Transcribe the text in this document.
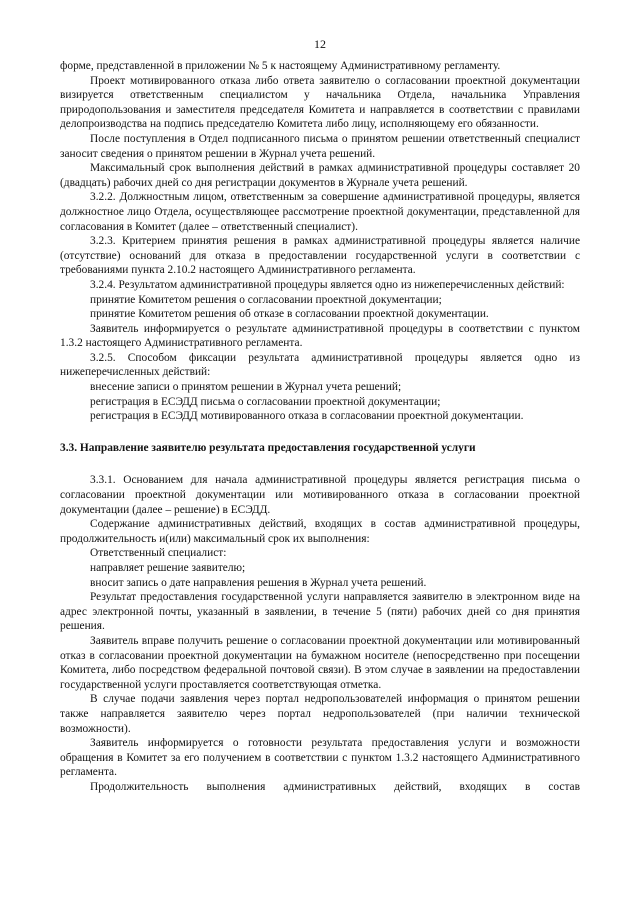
12

форме, представленной в приложении № 5 к настоящему Административному регламенту.

Проект мотивированного отказа либо ответа заявителю о согласовании проектной документации визируется ответственным специалистом у начальника Отдела, начальника Управления природопользования и заместителя председателя Комитета и направляется в соответствии с правилами делопроизводства на подпись председателю Комитета либо лицу, исполняющему его обязанности.

После поступления в Отдел подписанного письма о принятом решении ответственный специалист заносит сведения о принятом решении в Журнал учета решений.

Максимальный срок выполнения действий в рамках административной процедуры составляет 20 (двадцать) рабочих дней со дня регистрации документов в Журнале учета решений.

3.2.2. Должностным лицом, ответственным за совершение административной процедуры, является должностное лицо Отдела, осуществляющее рассмотрение проектной документации, представленной для согласования в Комитет (далее – ответственный специалист).

3.2.3. Критерием принятия решения в рамках административной процедуры является наличие (отсутствие) оснований для отказа в предоставлении государственной услуги в соответствии с требованиями пункта 2.10.2 настоящего Административного регламента.

3.2.4. Результатом административной процедуры является одно из нижеперечисленных действий:

принятие Комитетом решения о согласовании проектной документации;

принятие Комитетом решения об отказе в согласовании проектной документации.

Заявитель информируется о результате административной процедуры в соответствии с пунктом 1.3.2 настоящего Административного регламента.

3.2.5. Способом фиксации результата административной процедуры является одно из нижеперечисленных действий:

внесение записи о принятом решении в Журнал учета решений;

регистрация в ЕСЭДД письма о согласовании проектной документации;

регистрация в ЕСЭДД мотивированного отказа в согласовании проектной документации.

3.3. Направление заявителю результата предоставления государственной услуги

3.3.1. Основанием для начала административной процедуры является регистрация письма о согласовании проектной документации или мотивированного отказа в согласовании проектной документации (далее – решение) в ЕСЭДД.

Содержание административных действий, входящих в состав административной процедуры, продолжительность и(или) максимальный срок их выполнения:

Ответственный специалист:

направляет решение заявителю;

вносит запись о дате направления решения в Журнал учета решений.

Результат предоставления государственной услуги направляется заявителю в электронном виде на адрес электронной почты, указанный в заявлении, в течение 5 (пяти) рабочих дней со дня принятия решения.

Заявитель вправе получить решение о согласовании проектной документации или мотивированный отказ в согласовании проектной документации на бумажном носителе (непосредственно при посещении Комитета, либо посредством федеральной почтовой связи). В этом случае в заявлении на предоставлении государственной услуги проставляется соответствующая отметка.

В случае подачи заявления через портал недропользователей информация о принятом решении также направляется заявителю через портал недропользователей (при наличии технической возможности).

Заявитель информируется о готовности результата предоставления услуги и возможности обращения в Комитет за его получением в соответствии с пунктом 1.3.2 настоящего Административного регламента.

Продолжительность выполнения административных действий, входящих в состав
